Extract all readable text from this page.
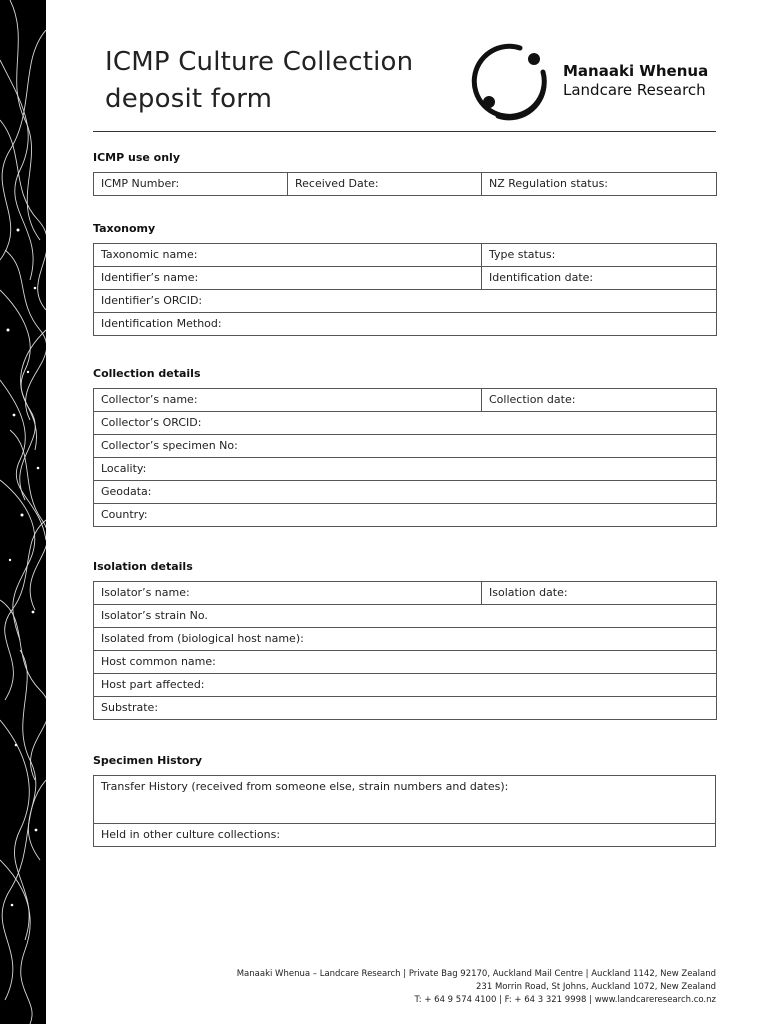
ICMP Culture Collection
deposit form
Manaaki Whenua
Landcare Research
ICMP use only
ICMP Number:	Received Date:	NZ Regulation status:
Taxonomy
Taxonomic name:	Type status:
Identifier’s name:	Identification date:
Identifier’s ORCID:	
Identification Method:	
Collection details
Collector’s name:	Collection date:
Collector’s ORCID:
Collector’s specimen No:
Locality:
Geodata:
Country:
Isolation details
Isolator’s name:	Isolation date:
Isolator’s strain No.
Isolated from (biological host name):
Host common name:
Host part affected:
Substrate:
Specimen History
Transfer History (received from someone else, strain numbers and dates):
Held in other culture collections:
Manaaki Whenua – Landcare Research | Private Bag 92170, Auckland Mail Centre | Auckland 1142, New Zealand
231 Morrin Road, St Johns, Auckland 1072, New Zealand
T: + 64 9 574 4100 | F: + 64 3 321 9998 | www.landcareresearch.co.nz
